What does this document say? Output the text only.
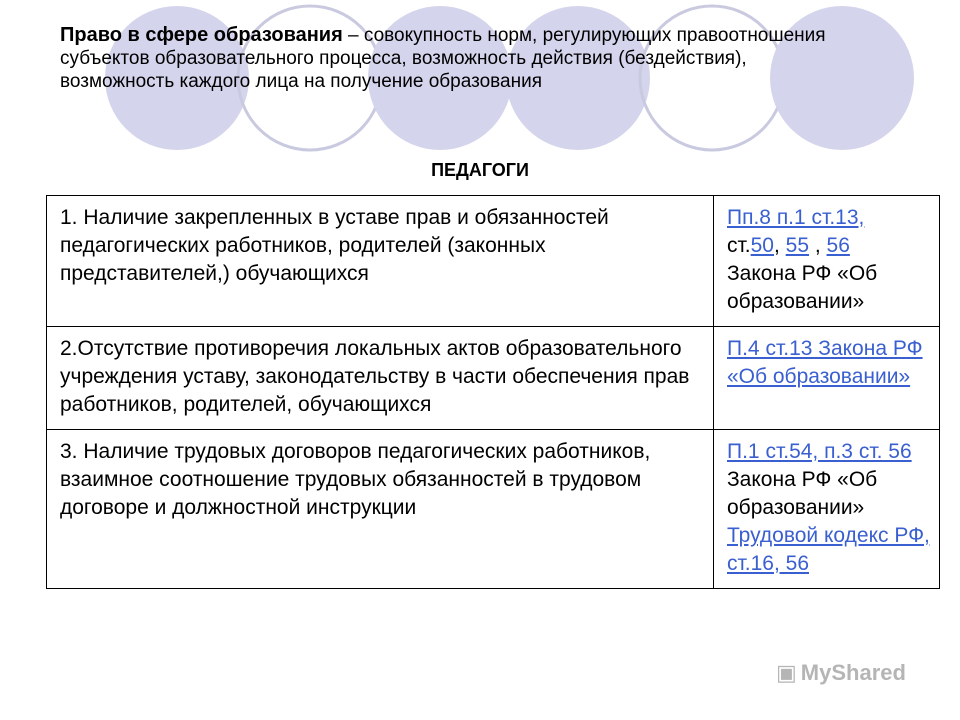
Право в сфере образования – совокупность норм, регулирующих правоотношения субъектов образовательного процесса, возможность действия (бездействия), возможность каждого лица на получение образования
ПЕДАГОГИ
1. Наличие закрепленных в уставе прав и обязанностей педагогических работников, родителей (законных представителей,) обучающихся	Пп.8 п.1 ст.13,
ст.50, 55 , 56
Закона РФ «Об образовании»
2.Отсутствие противоречия локальных актов образовательного учреждения уставу, законодательству в части обеспечения прав работников, родителей, обучающихся	П.4 ст.13 Закона РФ «Об образовании»
3. Наличие трудовых договоров педагогических работников, взаимное соотношение трудовых обязанностей в трудовом договоре и должностной инструкции	П.1 ст.54, п.3 ст. 56 Закона РФ «Об образовании»
Трудовой кодекс РФ, ст.16, 56
▣ MyShared
